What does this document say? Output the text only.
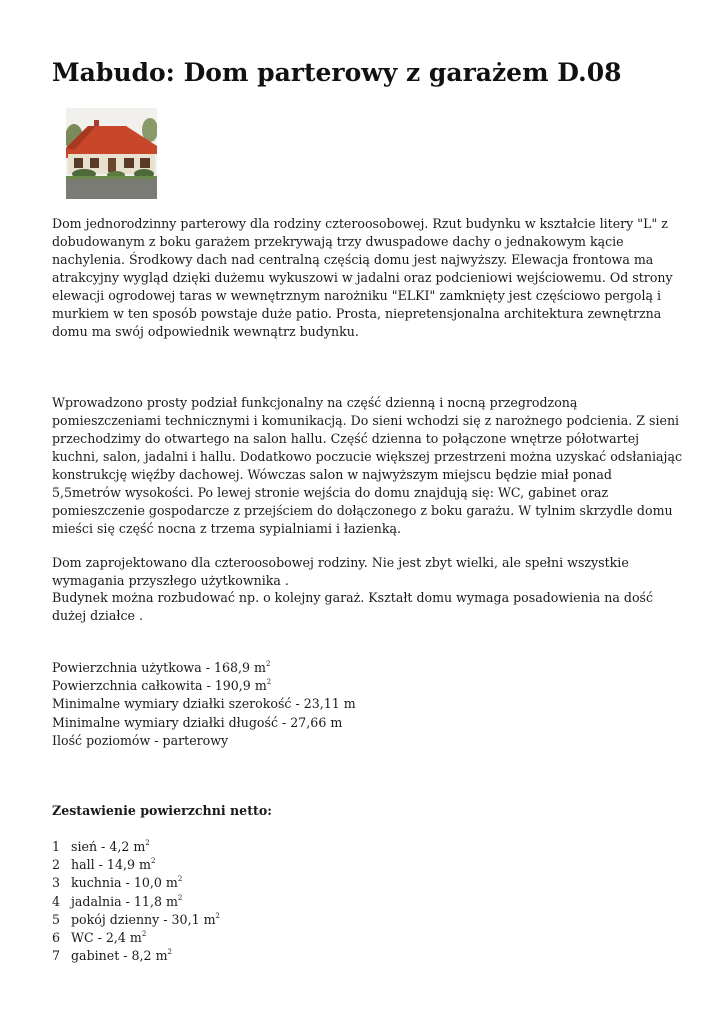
Mabudo: Dom parterowy z garażem D.08

Dom jednorodzinny parterowy dla rodziny czteroosobowej. Rzut budynku w kształcie litery "L" z dobudowanym z boku garażem przekrywają trzy dwuspadowe dachy o jednakowym kącie nachylenia. Środkowy dach nad centralną częścią domu jest najwyższy. Elewacja frontowa ma atrakcyjny wygląd dzięki dużemu wykuszowi w jadalni oraz podcieniowi wejściowemu. Od strony elewacji ogrodowej taras w wewnętrznym narożniku "ELKI" zamknięty jest częściowo pergolą i murkiem w ten sposób powstaje duże patio. Prosta, niepretensjonalna architektura zewnętrzna domu ma swój odpowiednik wewnątrz budynku.

Wprowadzono prosty podział funkcjonalny na część dzienną i nocną przegrodzoną pomieszczeniami technicznymi i komunikacją. Do sieni wchodzi się z narożnego podcienia. Z sieni przechodzimy do otwartego na salon hallu. Część dzienna to połączone wnętrze półotwartej kuchni, salon, jadalni i hallu. Dodatkowo poczucie większej przestrzeni można uzyskać odsłaniając konstrukcję więźby dachowej. Wówczas salon w najwyższym miejscu będzie miał ponad 5,5metrów wysokości. Po lewej stronie wejścia do domu znajdują się: WC, gabinet oraz pomieszczenie gospodarcze z przejściem do dołączonego z boku garażu. W tylnim skrzydle domu mieści się część nocna z trzema sypialniami i łazienką.

Dom zaprojektowano dla czteroosobowej rodziny. Nie jest zbyt wielki, ale spełni wszystkie wymagania przyszłego użytkownika .

Budynek można rozbudować np. o kolejny garaż. Kształt domu wymaga posadowienia na dość dużej działce .

Powierzchnia użytkowa - 168,9 $m^2$
Powierzchnia całkowita - 190,9 $m^2$
Minimalne wymiary działki szerokość - 23,11 m
Minimalne wymiary działki długość - 27,66 m
Ilość poziomów - parterowy
Zestawienie powierzchni netto:
1 sień - 4,2 $m^2$
2 hall - 14,9 $m^2$
3 kuchnia - 10,0 $m^2$
4 jadalnia - 11,8 $m^2$
5 pokój dzienny - 30,1 $m^2$
6 WC - 2,4 $m^2$
7 gabinet - 8,2 $m^2$
